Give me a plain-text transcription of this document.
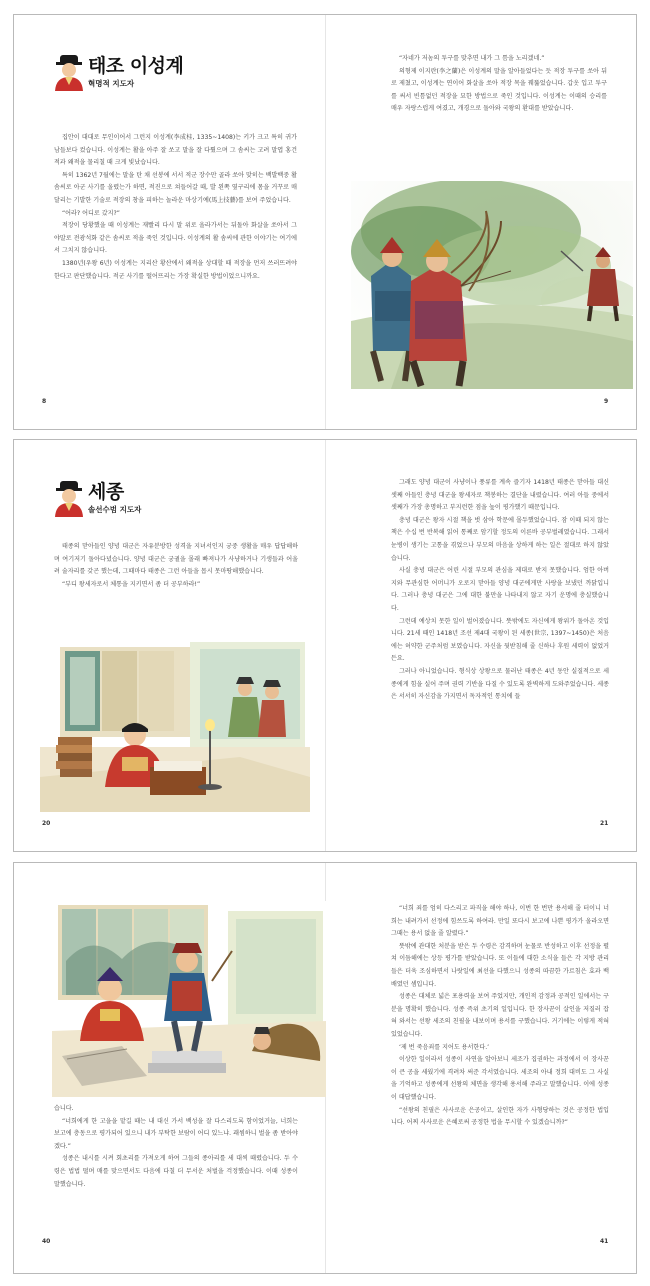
태조 이성계
혁명적 지도자

집안이 대대로 무인이어서 그런지 이성계(李成桂, 1335~1408)는 키가 크고 특히 귀가 남들보다 컸습니다. 이성계는 활을 아주 잘 쏘고 말을 잘 다뤘으며 그 솜씨는 고려 말엽 홍건적과 왜적을 물리칠 때 크게 빛났습니다.

특히 1362년 7월에는 말을 탄 채 선봉에 서서 적군 장수만 골라 쏘아 맞히는 백발백중 활 솜씨로 아군 사기를 올렸는가 하면, 적진으로 쳐들어갈 때, 발 왼쪽 옆구리에 몸을 거꾸로 매달리는 기발한 기술로 적장의 창을 피하는 놀라운 마상기예(馬上技藝)를 보여 주었습니다.

“어라? 어디로 갔지?”

적장이 당황했을 때 이성계는 재빨리 다시 말 위로 올라가서는 뒤돌아 화살을 쏘아서 그야말로 전광석화 같은 솜씨로 적을 죽인 것입니다. 이성계의 활 솜씨에 관한 이야기는 여기에서 그치지 않습니다.

1380년(우왕 6년) 이성계는 지리산 황산에서 왜적을 상대할 때 적장을 먼저 쓰러뜨려야 한다고 판단했습니다. 적군 사기를 떨어뜨리는 가장 확실한 방법이었으니까요.

“자네가 저놈의 투구를 맞추면 내가 그 틈을 노리겠네.”

의형제 이지란(李之蘭)은 이성계의 말을 알아들었다는 듯 적장 투구를 쏘아 뒤로 제쳤고, 이성계는 연이어 화살을 쏘아 적장 목을 꿰뚫었습니다. 갑옷 입고 투구를 써서 빈틈없던 적장을 묘한 방법으로 죽인 것입니다. 이성계는 이때의 승리를 매우 자랑스럽게 여겼고, 개경으로 돌아와 국왕의 환대를 받았습니다.

8	9
세종
솔선수범 지도자

태종의 맏아들인 양녕 대군은 자유분방한 성격을 지녀서인지 궁중 생활을 매우 답답해하며 여기저기 돌아다녔습니다. 양녕 대군은 궁궐을 몰래 빠져나가 사냥하거나 기생들과 어울려 술자리를 갖곤 했는데, 그때마다 태종은 그런 아들을 몹시 못마땅해했습니다.

“부디 왕세자로서 체통을 지키면서 좀 더 공부하라!”

그래도 양녕 대군이 사냥이나 풍류를 계속 즐기자 1418년 태종은 맏아들 대신 셋째 아들인 충녕 대군을 왕세자로 책봉하는 결단을 내렸습니다. 여러 아들 중에서 셋째가 가장 총명하고 부지런한 점을 높이 평가했기 때문입니다.

충녕 대군은 왕자 시절 책을 벗 삼아 학문에 몰두했었습니다. 잠 이때 되지 않는 책은 수십 번 반복해 읽어 통째로 암기할 정도의 이른바 공부벌레였습니다. 그래서 눈병이 생기는 고통을 겪었으나 부모의 마음을 상하게 하는 일은 절대로 하지 않았습니다.

사실 충녕 대군은 어린 시절 부모의 관심을 제대로 받지 못했습니다. 엄한 아버지와 무관심한 어머니가 오로지 맏아들 양녕 대군에게만 사랑을 보냈던 까닭입니다. 그러나 충녕 대군은 그에 대한 불만을 나타내지 않고 자기 운명에 충실했습니다.

그런데 예상치 못한 일이 벌어졌습니다. 뜻밖에도 자신에게 왕위가 돌아온 것입니다. 21세 때인 1418년 조선 제4대 국왕이 된 세종(世宗, 1397~1450)은 처음에는 허약한 군주처럼 보였습니다. 자신을 뒷받침해 줄 신하나 후원 세력이 없었거든요.

그러나 아니었습니다. 형식상 상왕으로 물러난 태종은 4년 동안 실질적으로 세종에게 힘을 실어 주며 권력 기반을 다질 수 있도록 완벽하게 도와주었습니다. 세종은 서서히 자신감을 가지면서 독자적인 통치에 들

20	21

습니다.

“너희에게 한 고을을 맡길 때는 내 대신 가서 백성을 잘 다스리도록 함이었거늘, 너희는 보고에 충동으로 평가되어 있으니 내가 부탁한 보람이 어디 있느냐. 괘씸하니 벌을 좀 받아야겠다.”

성종은 내시를 시켜 회초리를 가져오게 하여 그들의 종아리를 세 대씩 때렸습니다. 두 수령은 법법 떨며 매를 맞으면서도 다음에 다칠 더 무서운 처벌을 걱정했습니다. 이때 성종이 말했습니다.

“너희 죄를 엄히 다스리고 파직을 해야 하나, 이번 한 번만 용서해 줄 터이니 너희는 내려가서 선정에 힘쓰도록 하여라. 만일 또다시 보고에 나쁜 평가가 올라오면 그때는 용서 없을 줄 알렸다.”

뜻밖에 관대한 처분을 받은 두 수령은 감격하며 눈물로 반성하고 이후 선정을 펼쳐 이듬해에는 상등 평가를 받았습니다. 또 이들에 대한 소식을 들은 각 지방 관리들은 더욱 조심하면서 나랏일에 최선을 다했으니 성종의 따끔한 가르침은 효과 백배였던 셈입니다.

성종은 대체로 넓은 포용력을 보여 주었지만, 개인적 감정과 공적인 일에서는 구분을 명확히 했습니다. 성종 즉위 초기의 일입니다. 한 장사꾼이 살인을 저질러 잡혀 와서는 선왕 세조의 친필을 내보이며 용서를 구했습니다. 거기에는 이렇게 적혀 있었습니다.

‘제 번 죽음죄를 지어도 용서한다.’

이상한 일이라서 성종이 사연을 알아보니 세조가 집권하는 과정에서 이 장사꾼이 큰 공을 세웠기에 격려차 써준 각서였습니다. 세조의 아내 정희 대비도 그 사실을 기억하고 성종에게 선왕의 체면을 생각해 용서해 주라고 말했습니다. 이에 성종이 대답했습니다.

“선왕의 친필은 사사로운 은공이고, 살인한 자가 사형당하는 것은 공정한 법입니다. 어찌 사사로운 은혜로써 공정한 법을 무시할 수 있겠습니까?”

40	41
